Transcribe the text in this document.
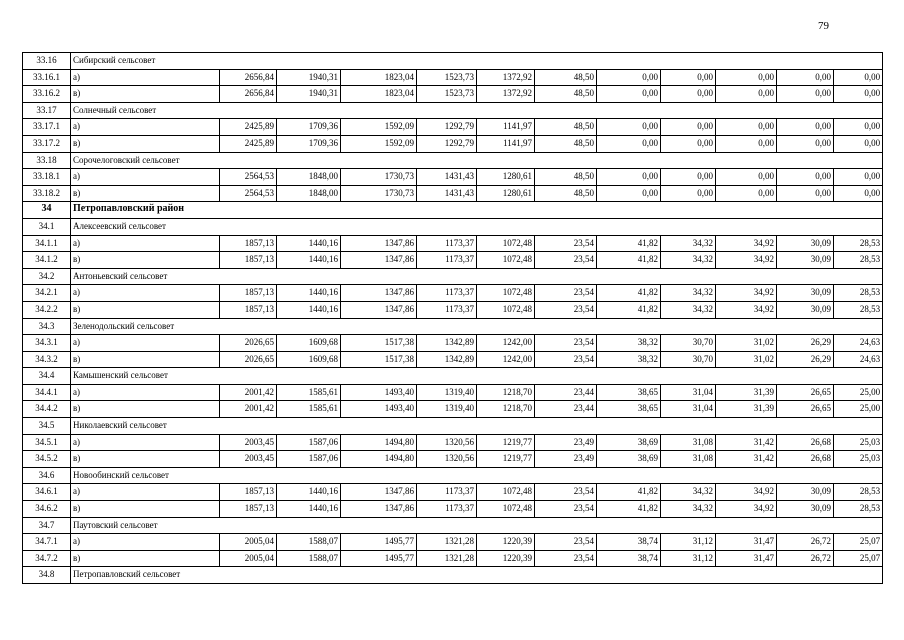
79
33.16	Сибирский сельсовет											
33.16.1	а)	2656,84	1940,31	1823,04	1523,73	1372,92	48,50	0,00	0,00	0,00	0,00	0,00
33.16.2	в)	2656,84	1940,31	1823,04	1523,73	1372,92	48,50	0,00	0,00	0,00	0,00	0,00
33.17	Солнечный сельсовет											
33.17.1	а)	2425,89	1709,36	1592,09	1292,79	1141,97	48,50	0,00	0,00	0,00	0,00	0,00
33.17.2	в)	2425,89	1709,36	1592,09	1292,79	1141,97	48,50	0,00	0,00	0,00	0,00	0,00
33.18	Сорочелоговский сельсовет											
33.18.1	а)	2564,53	1848,00	1730,73	1431,43	1280,61	48,50	0,00	0,00	0,00	0,00	0,00
33.18.2	в)	2564,53	1848,00	1730,73	1431,43	1280,61	48,50	0,00	0,00	0,00	0,00	0,00
34	Петропавловский район											
34.1	Алексеевский сельсовет											
34.1.1	а)	1857,13	1440,16	1347,86	1173,37	1072,48	23,54	41,82	34,32	34,92	30,09	28,53
34.1.2	в)	1857,13	1440,16	1347,86	1173,37	1072,48	23,54	41,82	34,32	34,92	30,09	28,53
34.2	Антоньевский сельсовет											
34.2.1	а)	1857,13	1440,16	1347,86	1173,37	1072,48	23,54	41,82	34,32	34,92	30,09	28,53
34.2.2	в)	1857,13	1440,16	1347,86	1173,37	1072,48	23,54	41,82	34,32	34,92	30,09	28,53
34.3	Зеленодольский сельсовет											
34.3.1	а)	2026,65	1609,68	1517,38	1342,89	1242,00	23,54	38,32	30,70	31,02	26,29	24,63
34.3.2	в)	2026,65	1609,68	1517,38	1342,89	1242,00	23,54	38,32	30,70	31,02	26,29	24,63
34.4	Камышенский сельсовет											
34.4.1	а)	2001,42	1585,61	1493,40	1319,40	1218,70	23,44	38,65	31,04	31,39	26,65	25,00
34.4.2	в)	2001,42	1585,61	1493,40	1319,40	1218,70	23,44	38,65	31,04	31,39	26,65	25,00
34.5	Николаевский сельсовет											
34.5.1	а)	2003,45	1587,06	1494,80	1320,56	1219,77	23,49	38,69	31,08	31,42	26,68	25,03
34.5.2	в)	2003,45	1587,06	1494,80	1320,56	1219,77	23,49	38,69	31,08	31,42	26,68	25,03
34.6	Новообинский сельсовет											
34.6.1	а)	1857,13	1440,16	1347,86	1173,37	1072,48	23,54	41,82	34,32	34,92	30,09	28,53
34.6.2	в)	1857,13	1440,16	1347,86	1173,37	1072,48	23,54	41,82	34,32	34,92	30,09	28,53
34.7	Паутовский сельсовет											
34.7.1	а)	2005,04	1588,07	1495,77	1321,28	1220,39	23,54	38,74	31,12	31,47	26,72	25,07
34.7.2	в)	2005,04	1588,07	1495,77	1321,28	1220,39	23,54	38,74	31,12	31,47	26,72	25,07
34.8	Петропавловский сельсовет											
